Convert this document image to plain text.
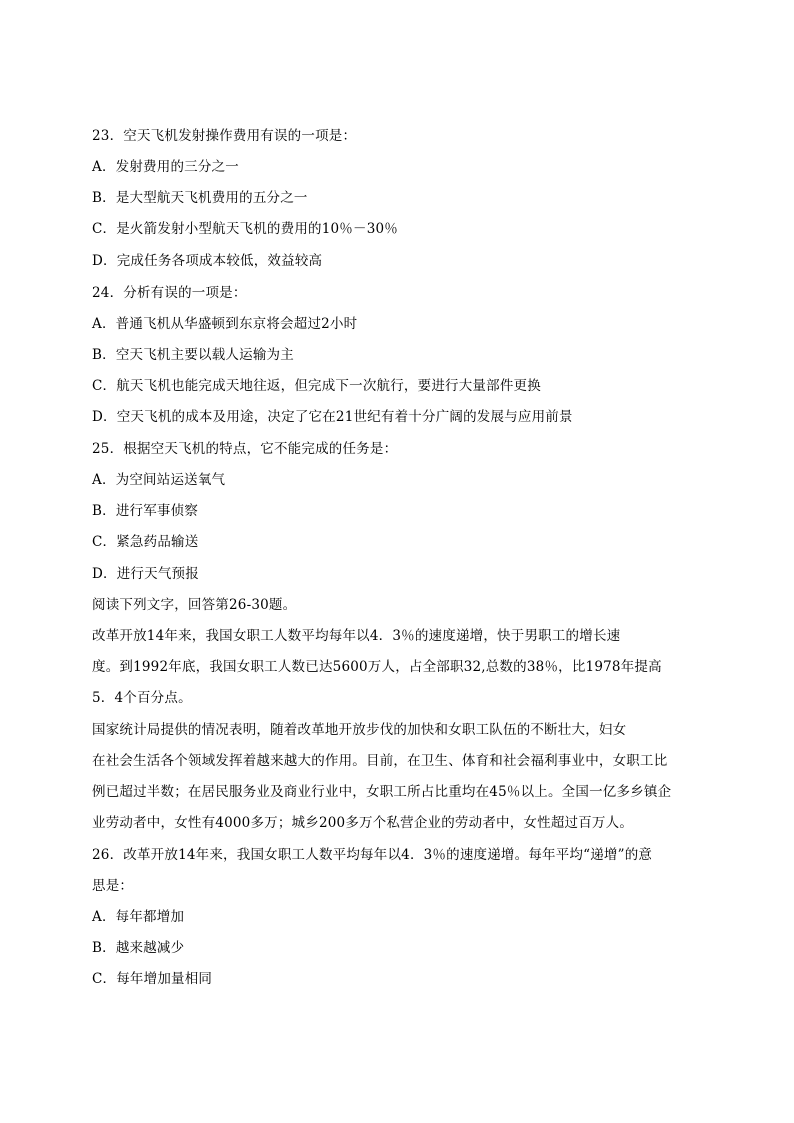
23．空天飞机发射操作费用有误的一项是：
A．发射费用的三分之一
B．是大型航天飞机费用的五分之一
C．是火箭发射小型航天飞机的费用的10％－30％
D．完成任务各项成本较低，效益较高
24．分析有误的一项是：
A．普通飞机从华盛顿到东京将会超过2小时
B．空天飞机主要以载人运输为主
C．航天飞机也能完成天地往返，但完成下一次航行，要进行大量部件更换
D．空天飞机的成本及用途，决定了它在21世纪有着十分广阔的发展与应用前景
25．根据空天飞机的特点，它不能完成的任务是：
A．为空间站运送氧气
B．进行军事侦察
C．紧急药品输送
D．进行天气预报
阅读下列文字，回答第26-30题。
改革开放14年来，我国女职工人数平均每年以4．3％的速度递增，快于男职工的增长速
度。到1992年底，我国女职工人数已达5600万人，占全部职32,总数的38％，比1978年提高
5．4个百分点。
国家统计局提供的情况表明，随着改革地开放步伐的加快和女职工队伍的不断壮大，妇女
在社会生活各个领域发挥着越来越大的作用。目前，在卫生、体育和社会福利事业中，女职工比
例已超过半数；在居民服务业及商业行业中，女职工所占比重均在45％以上。全国一亿多乡镇企
业劳动者中，女性有4000多万；城乡200多万个私营企业的劳动者中，女性超过百万人。
26．改革开放14年来，我国女职工人数平均每年以4．3％的速度递增。每年平均“递增”的意
思是：
A．每年都增加
B．越来越减少
C．每年增加量相同
